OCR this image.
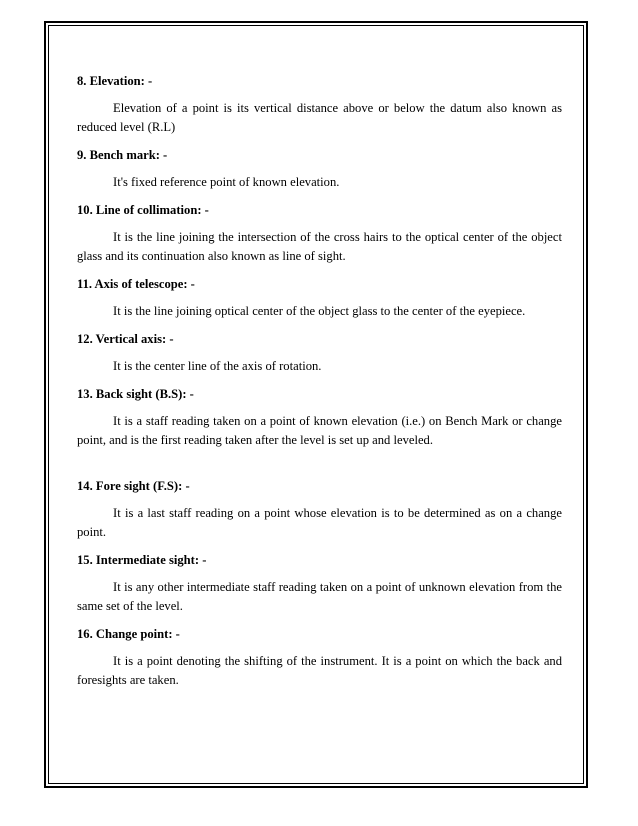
8. Elevation: -

Elevation of a point is its vertical distance above or below the datum also known as reduced level (R.L)

9. Bench mark: -

It's fixed reference point of known elevation.

10. Line of collimation: -

It is the line joining the intersection of the cross hairs to the optical center of the object glass and its continuation also known as line of sight.

11. Axis of telescope: -

It is the line joining optical center of the object glass to the center of the eyepiece.

12. Vertical axis: -

It is the center line of the axis of rotation.

13. Back sight (B.S): -

It is a staff reading taken on a point of known elevation (i.e.) on Bench Mark or change point, and is the first reading taken after the level is set up and leveled.

14. Fore sight (F.S): -

It is a last staff reading on a point whose elevation is to be determined as on a change point.

15. Intermediate sight: -

It is any other intermediate staff reading taken on a point of unknown elevation from the same set of the level.

16. Change point: -

It is a point denoting the shifting of the instrument. It is a point on which the back and foresights are taken.
